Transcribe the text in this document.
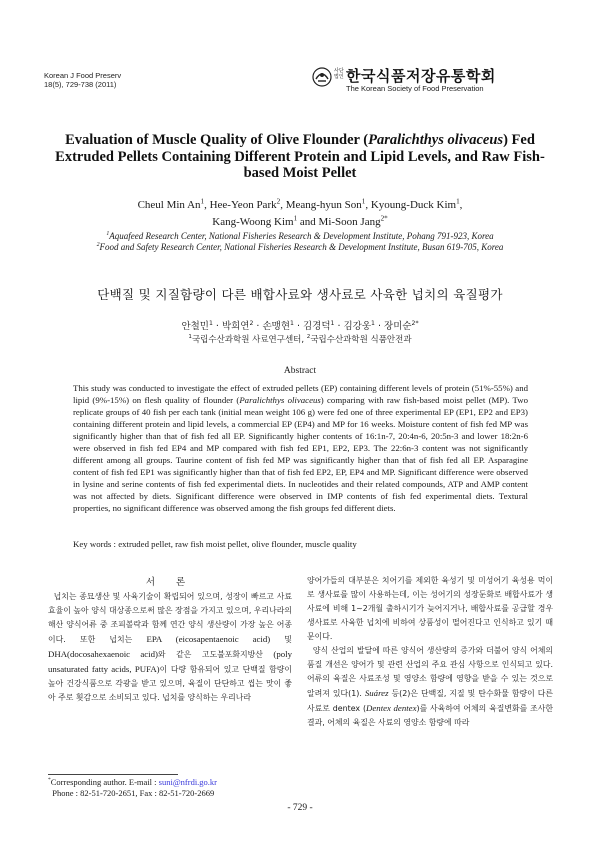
Korean J Food Preserv
18(5), 729-738 (2011)
사단법인 한국식품저장유통학회
The Korean Society of Food Preservation
Evaluation of Muscle Quality of Olive Flounder (Paralichthys olivaceus) Fed Extruded Pellets Containing Different Protein and Lipid Levels, and Raw Fish-based Moist Pellet
Cheul Min An$^1$, Hee-Yeon Park$^2$, Meang-hyun Son$^1$, Kyoung-Duck Kim$^1$,
Kang-Woong Kim$^1$ and Mi-Soon Jang$^{2*}$
$^1$Aquafeed Research Center, National Fisheries Research & Development Institute, Pohang 791-923, Korea
$^2$Food and Safety Research Center, National Fisheries Research & Development Institute, Busan 619-705, Korea
단백질 및 지질함량이 다른 배합사료와 생사료로 사육한 넙치의 육질평가
안철민$^1$ · 박희연$^2$ · 손맹현$^1$ · 김경덕$^1$ · 김강웅$^1$ · 장미순$^{2*}$
$^1$국립수산과학원 사료연구센터, $^2$국립수산과학원 식품안전과
Abstract
This study was conducted to investigate the effect of extruded pellets (EP) containing different levels of protein (51%-55%) and lipid (9%-15%) on flesh quality of flounder (Paralichthys olivaceus) comparing with raw fish-based moist pellet (MP). Two replicate groups of 40 fish per each tank (initial mean weight 106 g) were fed one of three experimental EP (EP1, EP2 and EP3) containing different protein and lipid levels, a commercial EP (EP4) and MP for 16 weeks. Moisture content of fish fed MP was significantly higher than that of fish fed all EP. Significantly higher contents of 16:1n-7, 20:4n-6, 20:5n-3 and lower 18:2n-6 were observed in fish fed EP4 and MP compared with fish fed EP1, EP2, EP3. The 22:6n-3 content was not significantly different among all groups. Taurine content of fish fed MP was significantly higher than that of fish fed all EP. Asparagine content of fish fed EP1 was significantly higher than that of fish fed EP2, EP, EP4 and MP. Significant difference were observed in lysine and serine contents of fish fed experimental diets. In nucleotides and their related compounds, ATP and AMP content was not affected by diets. Significant difference were observed in IMP contents of fish fed experimental diets. Textural properties, no significant difference was observed among the fish groups fed different diets.
Key words : extruded pellet, raw fish moist pellet, olive flounder, muscle quality
서 론

넙치는 종묘생산 및 사육기술이 확립되어 있으며, 성장이 빠르고 사료효율이 높아 양식 대상종으로써 많은 장점을 가지고 있으며, 우리나라의 해산 양식어류 중 조피볼락과 함께 연간 양식 생산량이 가장 높은 어종이다. 또한 넙치는 EPA (eicosapentaenoic acid) 및 DHA(docosahexaenoic acid)와 같은 고도불포화지방산 (poly unsaturated fatty acids, PUFA)이 다량 함유되어 있고 단백질 함량이 높아 건강식품으로 각광을 받고 있으며, 육질이 단단하고 씹는 맛이 좋아 주로 횟감으로 소비되고 있다. 넙치를 양식하는 우리나라

양어가들의 대부분은 치어기를 제외한 육성기 및 미성어기 육성용 먹이로 생사료를 많이 사용하는데, 이는 성어기의 성장둔화로 배합사료가 생사료에 비해 1~2개월 출하시기가 늦어지거나, 배합사료를 공급할 경우 생사료로 사육한 넙치에 비하여 상품성이 떨어진다고 인식하고 있기 때문이다.

양식 산업의 발달에 따른 양식어 생산량의 증가와 더불어 양식 어체의 품질 개선은 양어가 및 관련 산업의 주요 관심 사항으로 인식되고 있다. 어류의 육질은 사료조성 및 영양소 함량에 영향을 받을 수 있는 것으로 알려져 있다(1). Suárez 등(2)은 단백질, 지질 및 탄수화물 함량이 다른 사료로 dentex (Dentex dentex)를 사육하여 어체의 육질변화를 조사한 결과, 어체의 육질은 사료의 영양소 함량에 따라

*Corresponding author. E-mail : suni@nfrdi.go.kr
Phone : 82-51-720-2651, Fax : 82-51-720-2669
- 729 -
